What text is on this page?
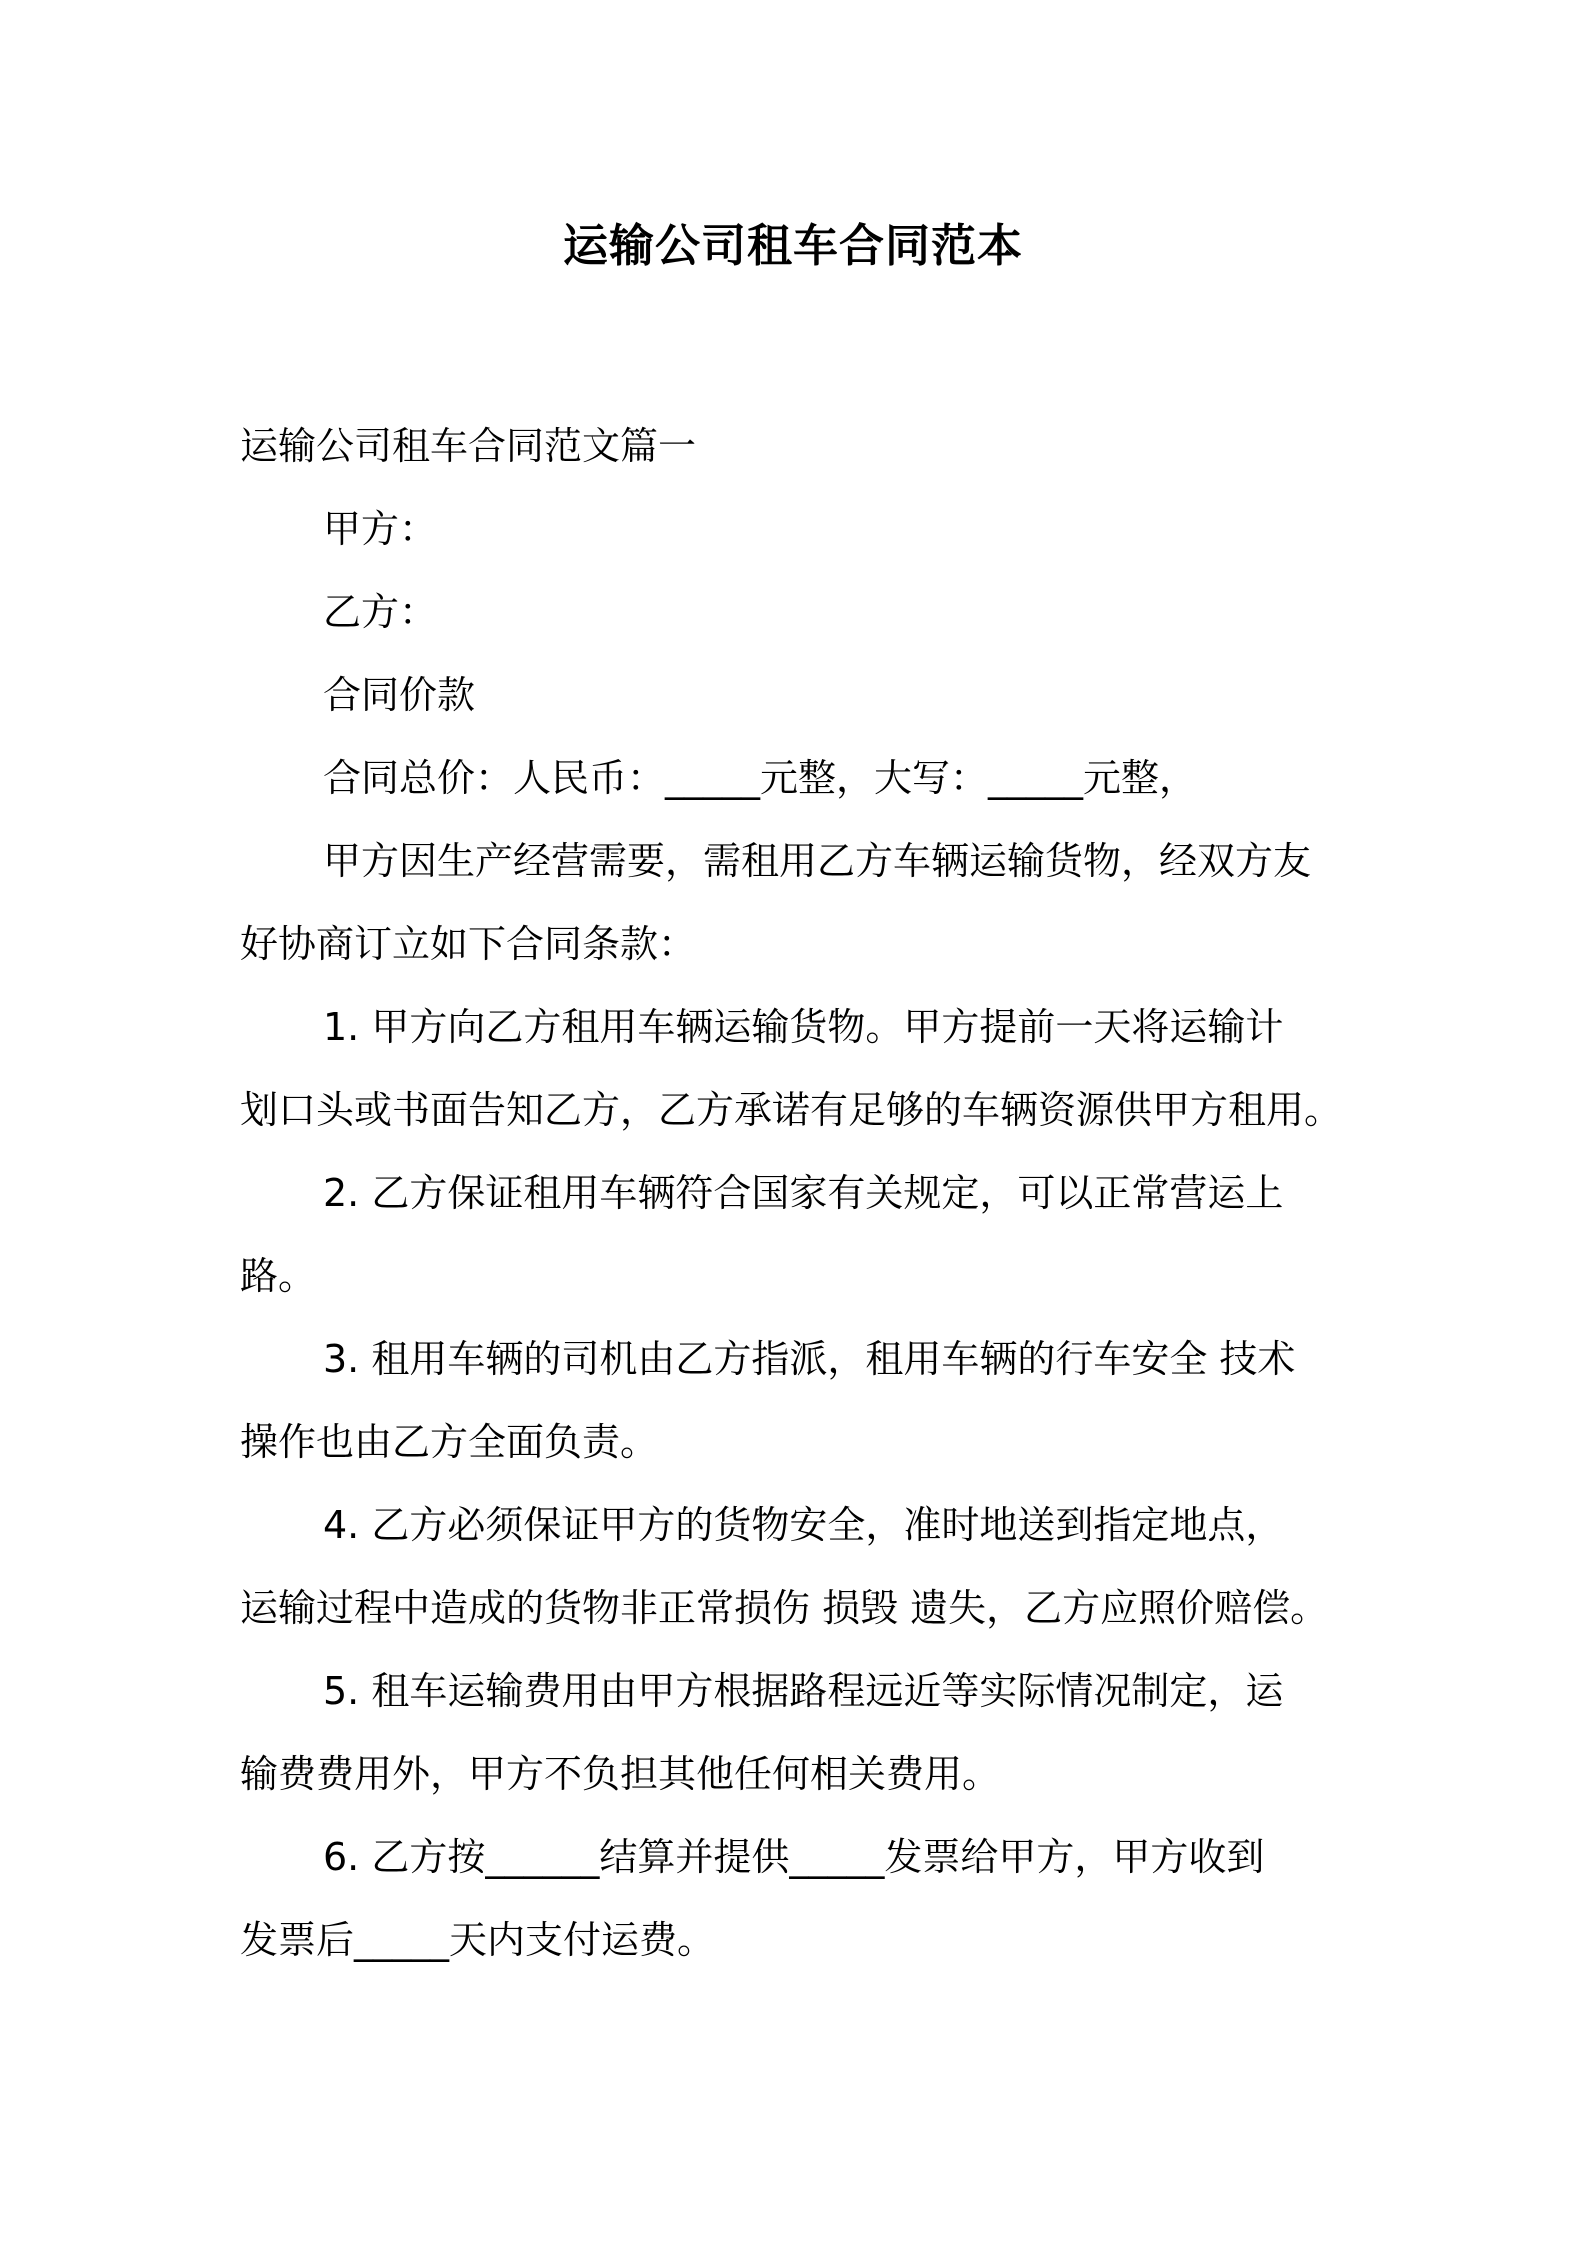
运输公司租车合同范本

运输公司租车合同范文篇一

甲方：

乙方：

合同价款

合同总价：人民币：_____元整，大写：_____元整，

甲方因生产经营需要，需租用乙方车辆运输货物，经双方友

好协商订立如下合同条款：

1. 甲方向乙方租用车辆运输货物。甲方提前一天将运输计

划口头或书面告知乙方，乙方承诺有足够的车辆资源供甲方租用。

2. 乙方保证租用车辆符合国家有关规定，可以正常营运上

路。

3. 租用车辆的司机由乙方指派，租用车辆的行车安全 技术

操作也由乙方全面负责。

4. 乙方必须保证甲方的货物安全，准时地送到指定地点，

运输过程中造成的货物非正常损伤 损毁 遗失，乙方应照价赔偿。

5. 租车运输费用由甲方根据路程远近等实际情况制定，运

输费费用外，甲方不负担其他任何相关费用。

6. 乙方按______结算并提供_____发票给甲方，甲方收到

发票后_____天内支付运费。
